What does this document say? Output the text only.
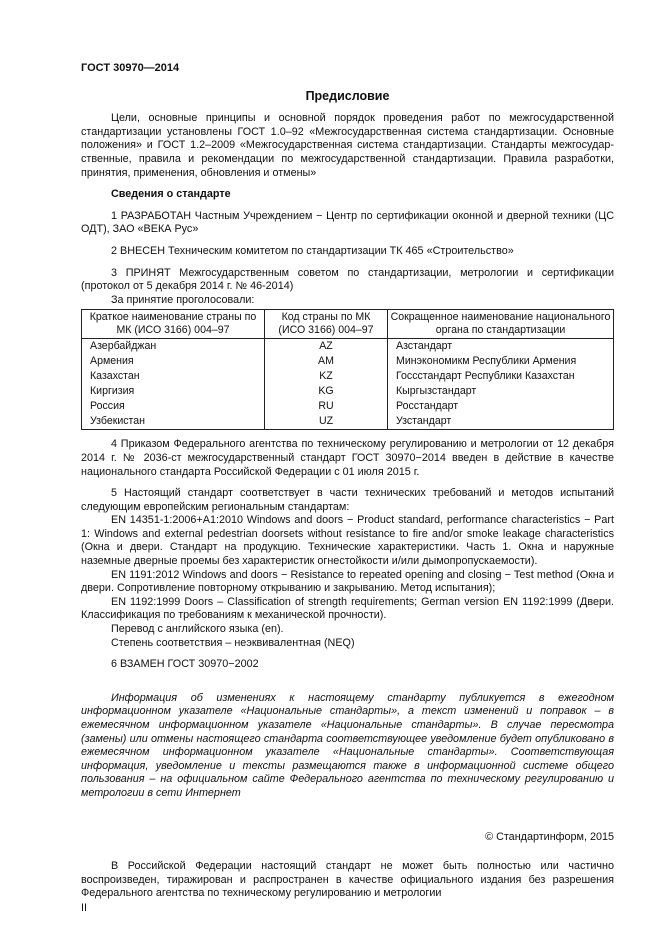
ГОСТ 30970—2014
Предисловие

Цели, основные принципы и основной порядок проведения работ по межгосударственной стандартизации установлены ГОСТ 1.0–92 «Межгосударственная система стандартизации. Основные положения» и ГОСТ 1.2–2009 «Межгосударственная система стандартизации. Стандарты межгосудар-ственные, правила и рекомендации по межгосударственной стандартизации. Правила разработки, принятия, применения, обновления и отмены»

Сведения о стандарте

1 РАЗРАБОТАН Частным Учреждением − Центр по сертификации оконной и дверной техники (ЦС ОДТ), ЗАО «ВЕКА Рус»

2 ВНЕСЕН Техническим комитетом по стандартизации ТК 465 «Строительство»

3 ПРИНЯТ Межгосударственным советом по стандартизации, метрологии и сертификации (протокол от 5 декабря 2014 г. № 46-2014)

За принятие проголосовали:

Краткое наименование страны по МК (ИСО 3166) 004–97	Код страны по МК (ИСО 3166) 004–97	Сокращенное наименование национального органа по стандартизации
Азербайджан	AZ	Азстандарт
Армения	AM	Минэкономикм Республики Армения
Казахстан	KZ	Госсстандарт Республики Казахстан
Киргизия	KG	Кыргызстандарт
Россия	RU	Росстандарт
Узбекистан	UZ	Узстандарт

4 Приказом Федерального агентства по техническому регулированию и метрологии от 12 декабря 2014 г. № 2036-ст межгосударственный стандарт ГОСТ 30970−2014 введен в действие в качестве национального стандарта Российской Федерации с 01 июля 2015 г.

5 Настоящий стандарт соответствует в части технических требований и методов испытаний следующим европейским региональным стандартам:

EN 14351-1:2006+A1:2010 Windows and doors − Product standard, performance characteristics − Part 1: Windows and external pedestrian doorsets without resistance to fire and/or smoke leakage characteristics (Окна и двери. Стандарт на продукцию. Технические характеристики. Часть 1. Окна и наружные наземные дверные проемы без характеристик огнестойкости и/или дымопропускаемости).

EN 1191:2012 Windows and doors − Resistance to repeated opening and closing − Test method (Окна и двери. Сопротивление повторному открыванию и закрыванию. Метод испытания);

EN 1192:1999 Doors – Classification of strength requirements; German version EN 1192:1999 (Двери. Классификация по требованиям к механической прочности).

Перевод с английского языка (en).

Степень соответствия – неэквивалентная (NEQ)

6 ВЗАМЕН ГОСТ 30970−2002

Информация об изменениях к настоящему стандарту публикуется в ежегодном информационном указателе «Национальные стандарты», а текст изменений и поправок – в ежемесячном информационном указателе «Национальные стандарты». В случае пересмотра (замены) или отмены настоящего стандарта соответствующее уведомление будет опубликовано в ежемесячном информационном указателе «Национальные стандарты». Соответствующая информация, уведомление и тексты размещаются также в информационной системе общего пользования – на официальном сайте Федерального агентства по техническому регулированию и метрологии в сети Интернет

© Стандартинформ, 2015

В Российской Федерации настоящий стандарт не может быть полностью или частично воспроизведен, тиражирован и распространен в качестве официального издания без разрешения Федерального агентства по техническому регулированию и метрологии

II
